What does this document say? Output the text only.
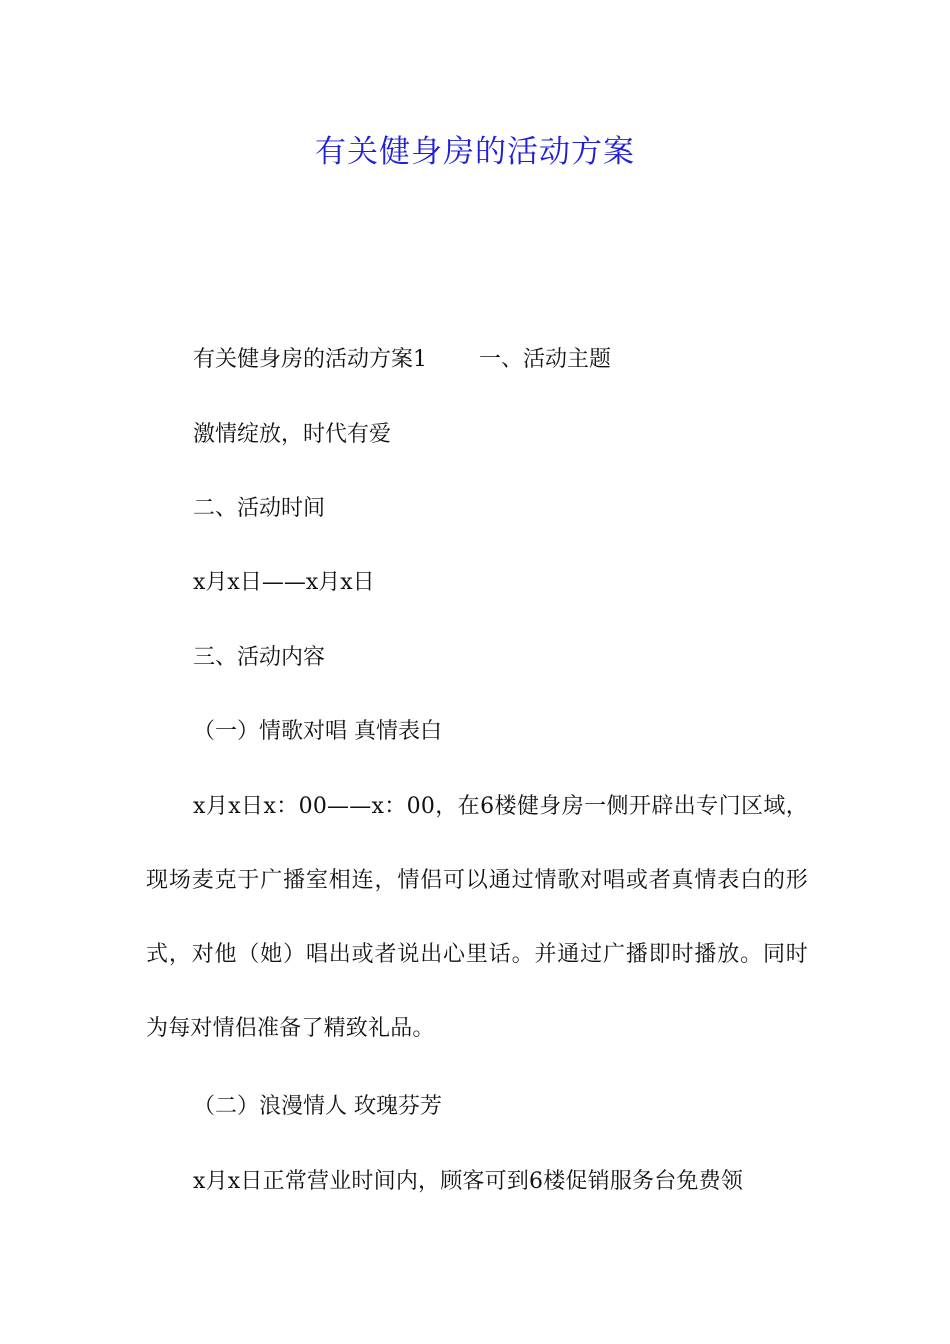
有关健身房的活动方案
有关健身房的活动方案1 一、活动主题
激情绽放，时代有爱
二、活动时间
x月x日——x月x日
三、活动内容
（一）情歌对唱 真情表白
x月x日x：00——x：00，在6楼健身房一侧开辟出专门区域，现场麦克于广播室相连，情侣可以通过情歌对唱或者真情表白的形式，对他（她）唱出或者说出心里话。并通过广播即时播放。同时为每对情侣准备了精致礼品。
（二）浪漫情人 玫瑰芬芳
x月x日正常营业时间内，顾客可到6楼促销服务台免费领
